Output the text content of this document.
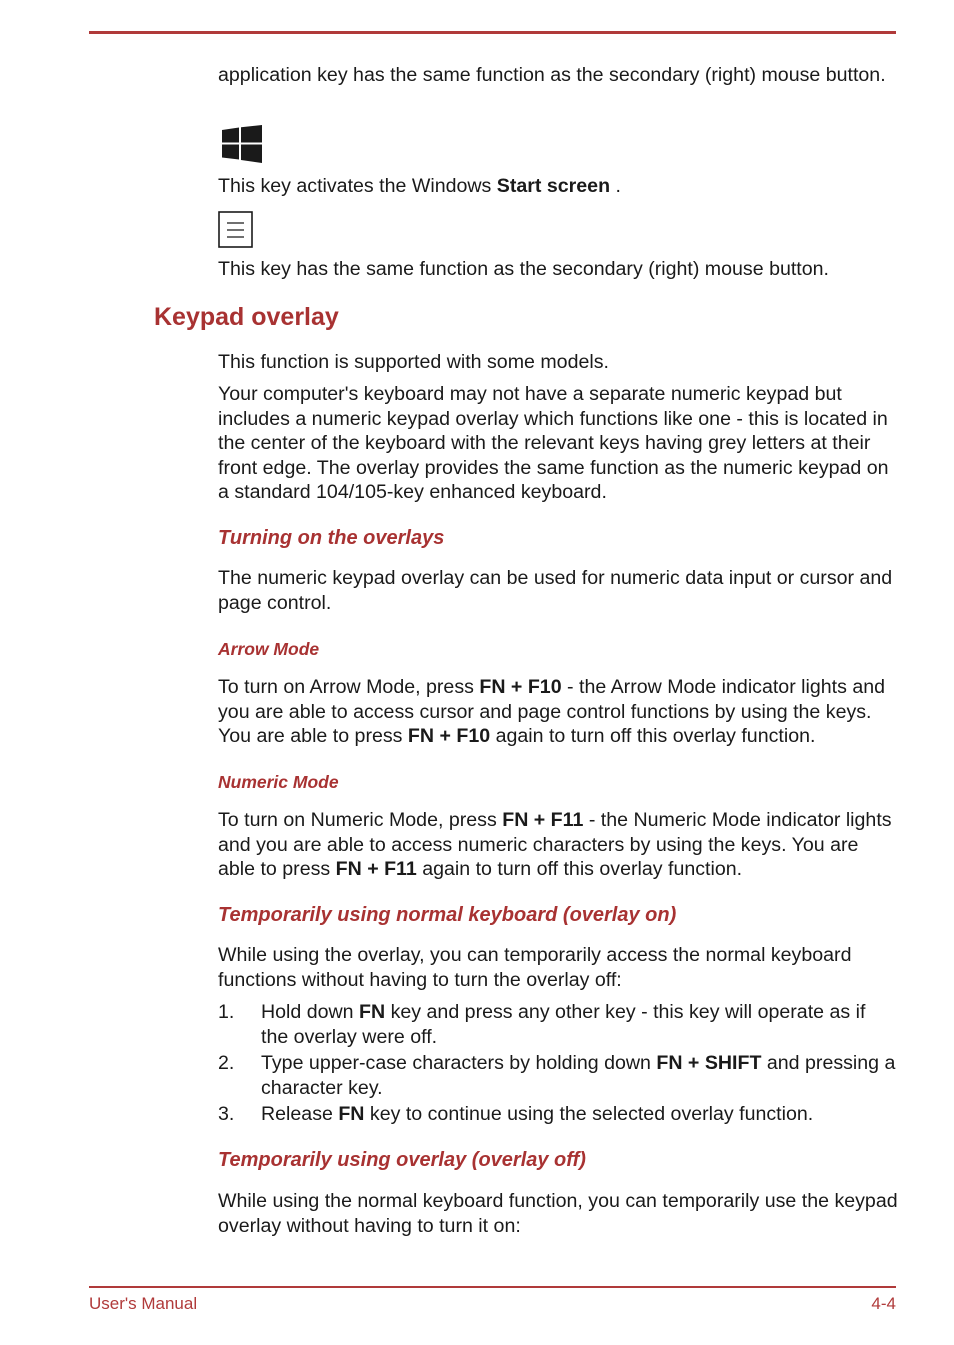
application key has the same function as the secondary (right) mouse button.

This key activates the Windows Start screen .

This key has the same function as the secondary (right) mouse button.

Keypad overlay

This function is supported with some models.

Your computer's keyboard may not have a separate numeric keypad but includes a numeric keypad overlay which functions like one - this is located in the center of the keyboard with the relevant keys having grey letters at their front edge. The overlay provides the same function as the numeric keypad on a standard 104/105-key enhanced keyboard.

Turning on the overlays

The numeric keypad overlay can be used for numeric data input or cursor and page control.

Arrow Mode

To turn on Arrow Mode, press FN + F10 - the Arrow Mode indicator lights and you are able to access cursor and page control functions by using the keys. You are able to press FN + F10 again to turn off this overlay function.

Numeric Mode

To turn on Numeric Mode, press FN + F11 - the Numeric Mode indicator lights and you are able to access numeric characters by using the keys. You are able to press FN + F11 again to turn off this overlay function.

Temporarily using normal keyboard (overlay on)

While using the overlay, you can temporarily access the normal keyboard functions without having to turn the overlay off:

1. Hold down FN key and press any other key - this key will operate as if the overlay were off.
2. Type upper-case characters by holding down FN + SHIFT and pressing a character key.
3. Release FN key to continue using the selected overlay function.
Temporarily using overlay (overlay off)

While using the normal keyboard function, you can temporarily use the keypad overlay without having to turn it on:

User's Manual	4-4
